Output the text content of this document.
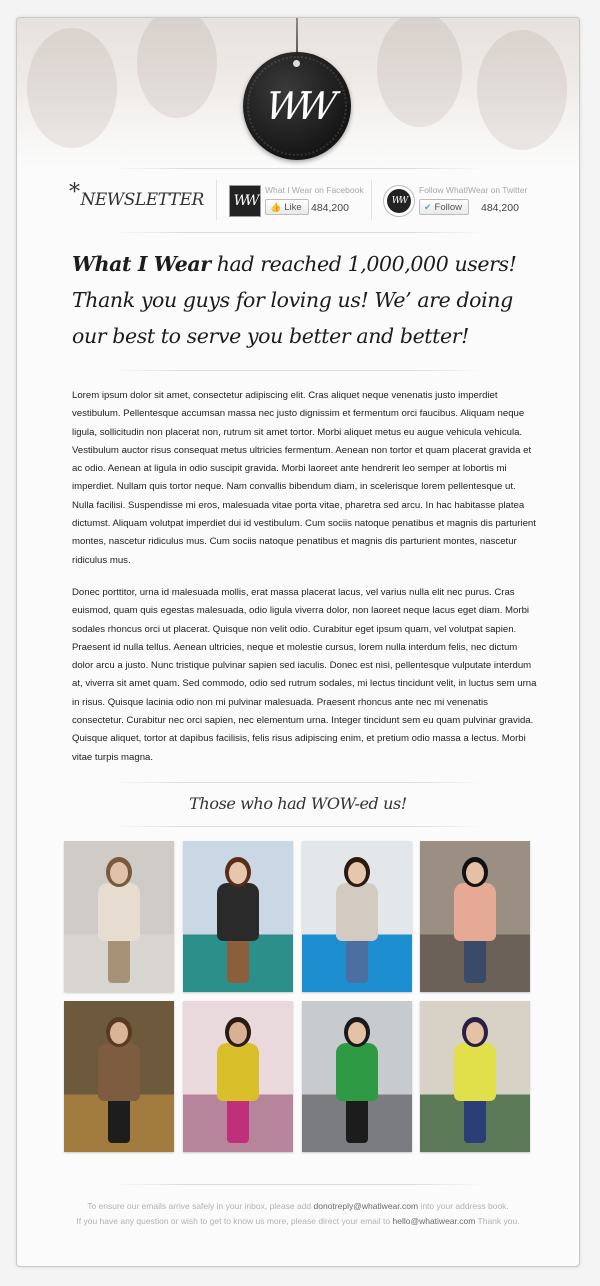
WW
*NEWSLETTER WW
What I Wear on Facebook
👍 Like 484,200
WW
Follow WhatIWear on Twitter
✔ Follow 484,200
What I Wear had reached 1,000,000 users!
Thank you guys for loving us! We’ are doing
our best to serve you better and better!
Lorem ipsum dolor sit amet, consectetur adipiscing elit. Cras aliquet neque venenatis justo imperdiet vestibulum. Pellentesque accumsan massa nec justo dignissim et fermentum orci faucibus. Aliquam neque ligula, sollicitudin non placerat non, rutrum sit amet tortor. Morbi aliquet metus eu augue vehicula vehicula. Vestibulum auctor risus consequat metus ultricies fermentum. Aenean non tortor et quam placerat gravida et ac odio. Aenean at ligula in odio suscipit gravida. Morbi laoreet ante hendrerit leo semper at lobortis mi imperdiet. Nullam quis tortor neque. Nam convallis bibendum diam, in scelerisque lorem pellentesque ut. Nulla facilisi. Suspendisse mi eros, malesuada vitae porta vitae, pharetra sed arcu. In hac habitasse platea dictumst. Aliquam volutpat imperdiet dui id vestibulum. Cum sociis natoque penatibus et magnis dis parturient montes, nascetur ridiculus mus. Cum sociis natoque penatibus et magnis dis parturient montes, nascetur ridiculus mus.
Donec porttitor, urna id malesuada mollis, erat massa placerat lacus, vel varius nulla elit nec purus. Cras euismod, quam quis egestas malesuada, odio ligula viverra dolor, non laoreet neque lacus eget diam. Morbi sodales rhoncus orci ut placerat. Quisque non velit odio. Curabitur eget ipsum quam, vel volutpat sapien. Praesent id nulla tellus. Aenean ultricies, neque et molestie cursus, lorem nulla interdum felis, nec dictum dolor arcu a justo. Nunc tristique pulvinar sapien sed iaculis. Donec est nisi, pellentesque vulputate interdum at, viverra sit amet quam. Sed commodo, odio sed rutrum sodales, mi lectus tincidunt velit, in luctus sem urna in risus. Quisque lacinia odio non mi pulvinar malesuada. Praesent rhoncus ante nec mi venenatis consectetur. Curabitur nec orci sapien, nec elementum urna. Integer tincidunt sem eu quam pulvinar gravida. Quisque aliquet, tortor at dapibus facilisis, felis risus adipiscing enim, et pretium odio massa a lectus. Morbi vitae turpis magna.
Those who had WOW-ed us!
To ensure our emails arrive safely in your inbox, please add donotreply@whatiwear.com into your address book.
If you have any question or wish to get to know us more, please direct your email to hello@whatiwear.com Thank you.
